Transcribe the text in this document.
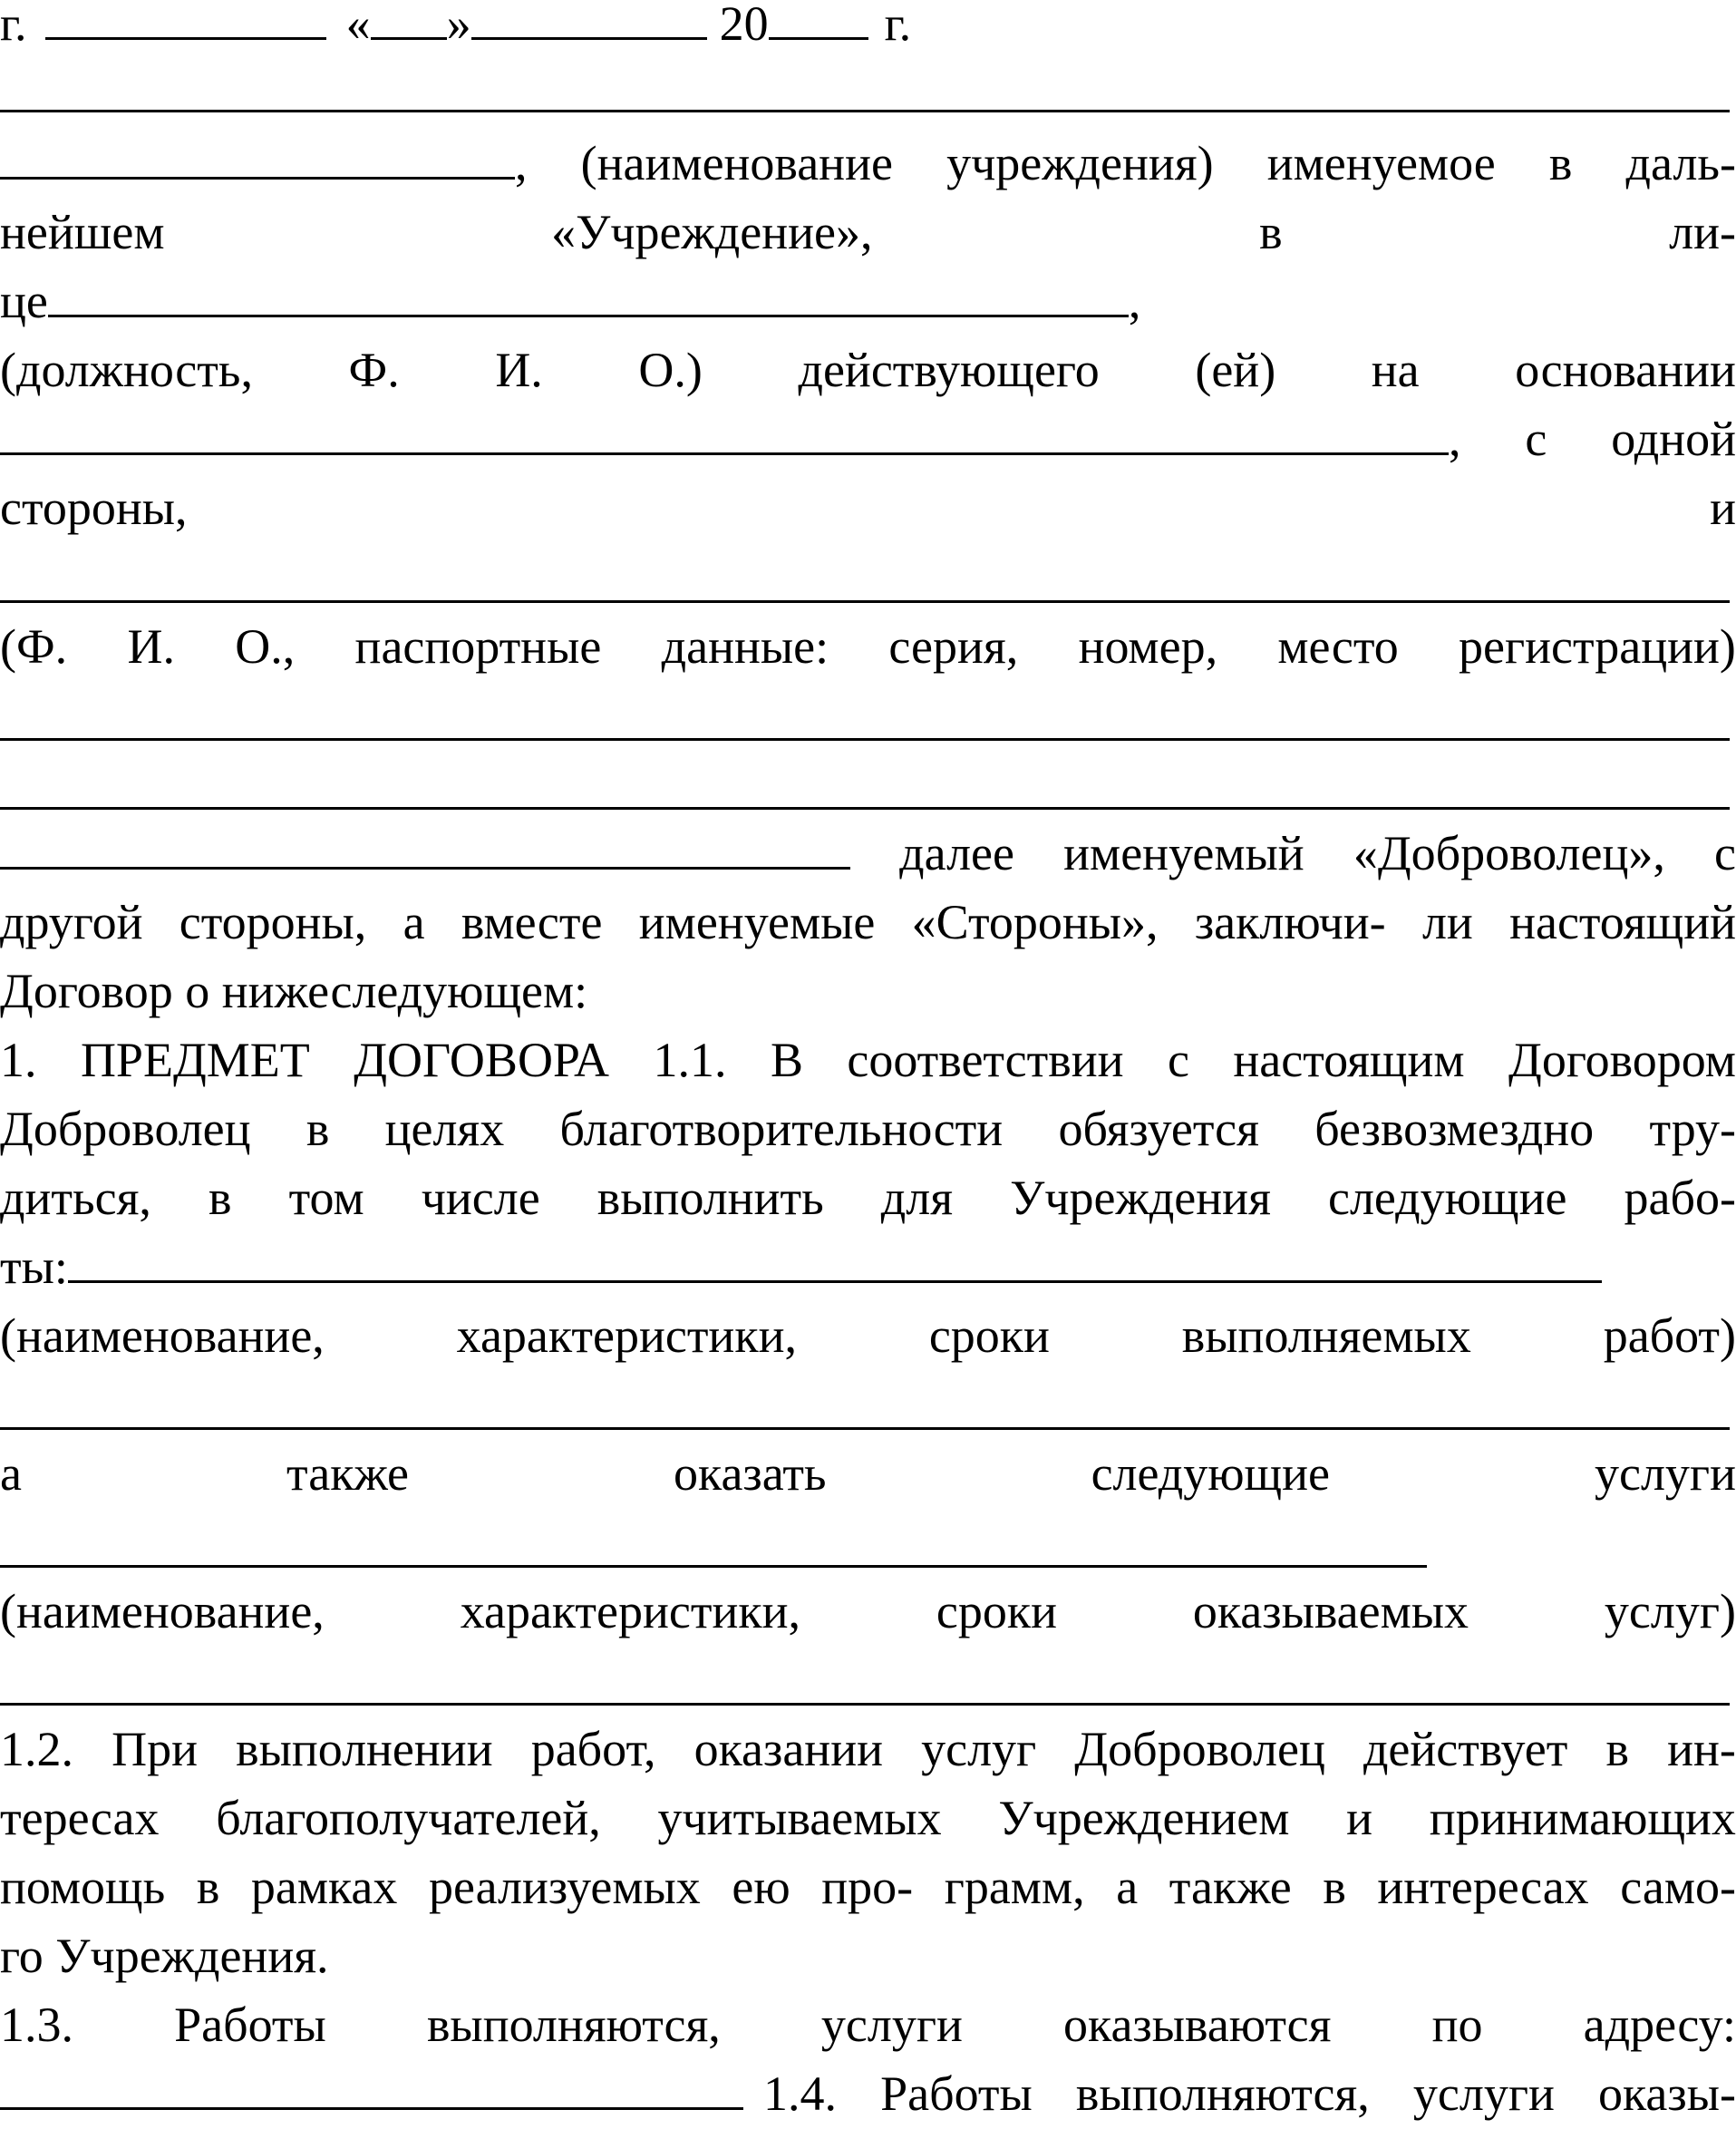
г.	« »	20 г.
, (наименование учреждения) именуемое в даль-
нейшем	«Учреждение»,	в	ли-
це	,
(должность, Ф. И. О.) действующего (ей) на основании
, с одной
стороны,	и
(Ф. И. О., паспортные данные: серия, номер, место регистрации)
далее именуемый «Доброволец», с
другой стороны, а вместе именуемые «Стороны», заключи- ли настоящий
Договор о нижеследующем:
1. ПРЕДМЕТ ДОГОВОРА 1.1. В соответствии с настоящим Договором
Доброволец в целях благотворительности обязуется безвозмездно тру-
диться, в том числе выполнить для Учреждения следующие рабо-
ты:
(наименование,	характеристики,	сроки	выполняемых	работ)
а	также	оказать	следующие	услуги
(наименование,	характеристики,	сроки	оказываемых	услуг)
1.2. При выполнении работ, оказании услуг Доброволец действует в ин-
тересах благополучателей, учитываемых Учреждением и принимающих
помощь в рамках реализуемых ею про- грамм, а также в интересах само-
го Учреждения.
1.3. Работы выполняются, услуги оказываются по адресу:
1.4. Работы выполняются, услуги оказы-
